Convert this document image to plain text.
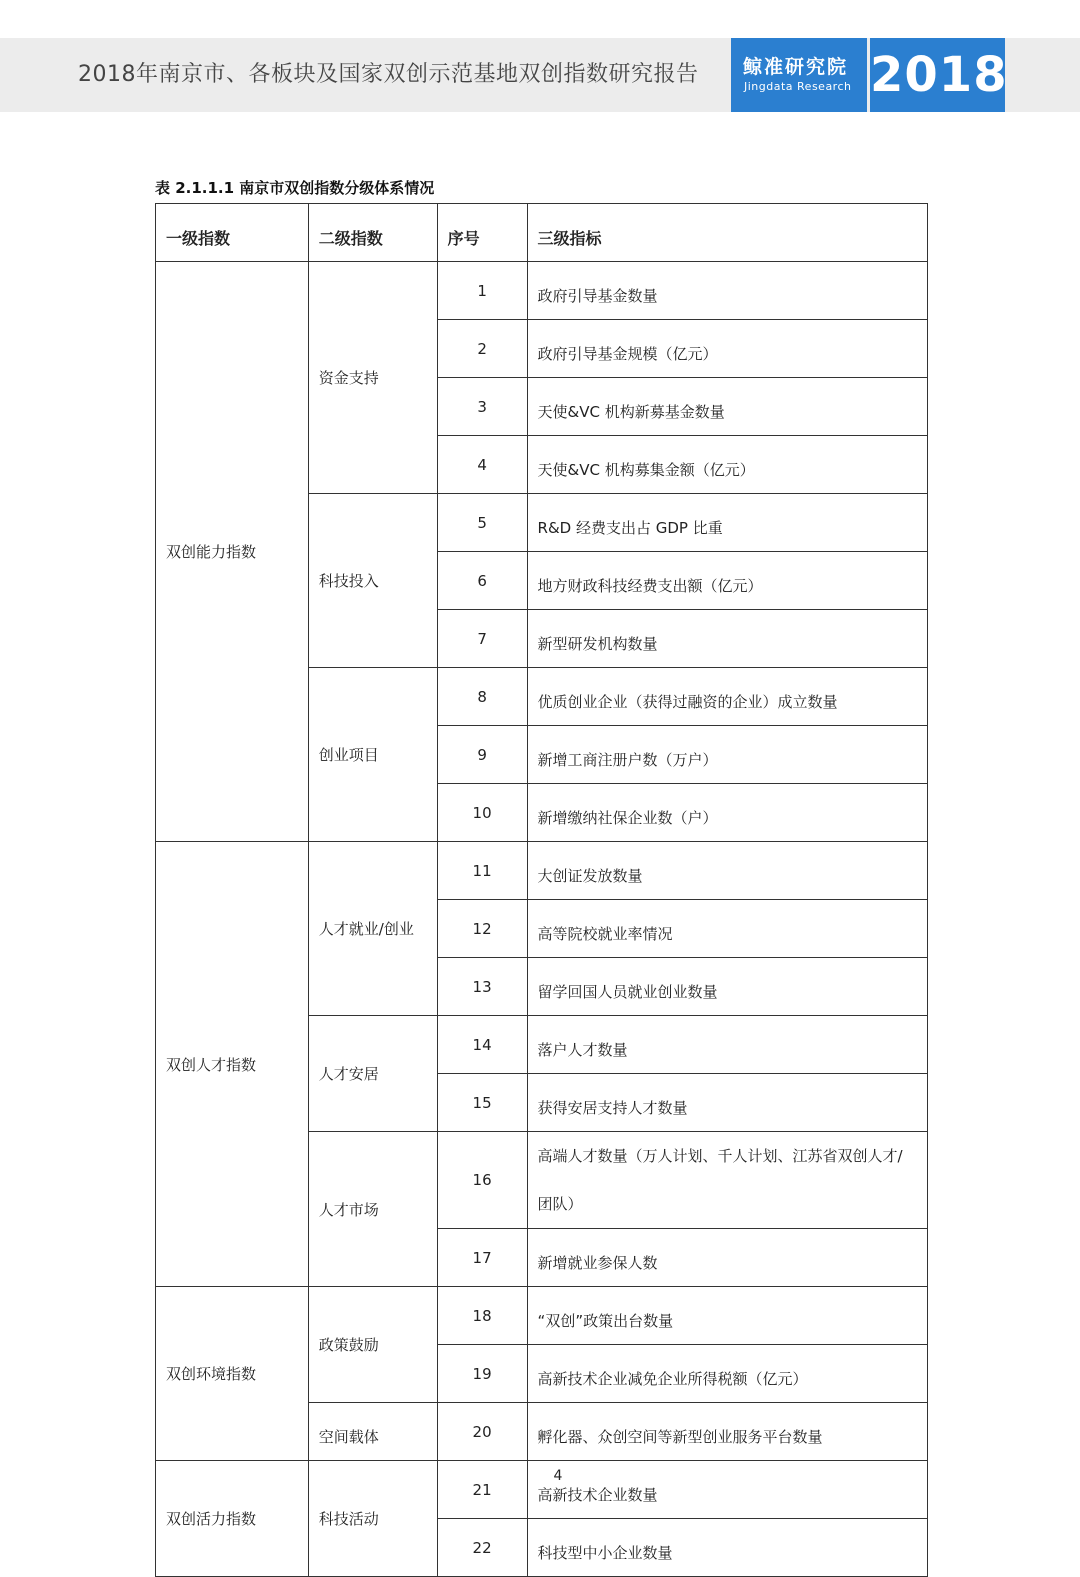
2018年南京市、各板块及国家双创示范基地双创指数研究报告 鲸准研究院
Jingdata Research 2018
表 2.1.1.1 南京市双创指数分级体系情况
一级指数	二级指数	序号	三级指标
双创能力指数	资金支持	1	政府引导基金数量
		2	政府引导基金规模（亿元）
		3	天使&VC 机构新募基金数量
		4	天使&VC 机构募集金额（亿元）
	科技投入	5	R&D 经费支出占 GDP 比重
		6	地方财政科技经费支出额（亿元）
		7	新型研发机构数量
	创业项目	8	优质创业企业（获得过融资的企业）成立数量
		9	新增工商注册户数（万户）
		10	新增缴纳社保企业数（户）
双创人才指数	人才就业/创业	11	大创证发放数量
		12	高等院校就业率情况
		13	留学回国人员就业创业数量
	人才安居	14	落户人才数量
		15	获得安居支持人才数量
	人才市场	16	高端人才数量（万人计划、千人计划、江苏省双创人才/团队）
		17	新增就业参保人数
双创环境指数	政策鼓励	18	“双创”政策出台数量
		19	高新技术企业减免企业所得税额（亿元）
	空间载体	20	孵化器、众创空间等新型创业服务平台数量
双创活力指数	科技活动	21	高新技术企业数量
		22	科技型中小企业数量
4
